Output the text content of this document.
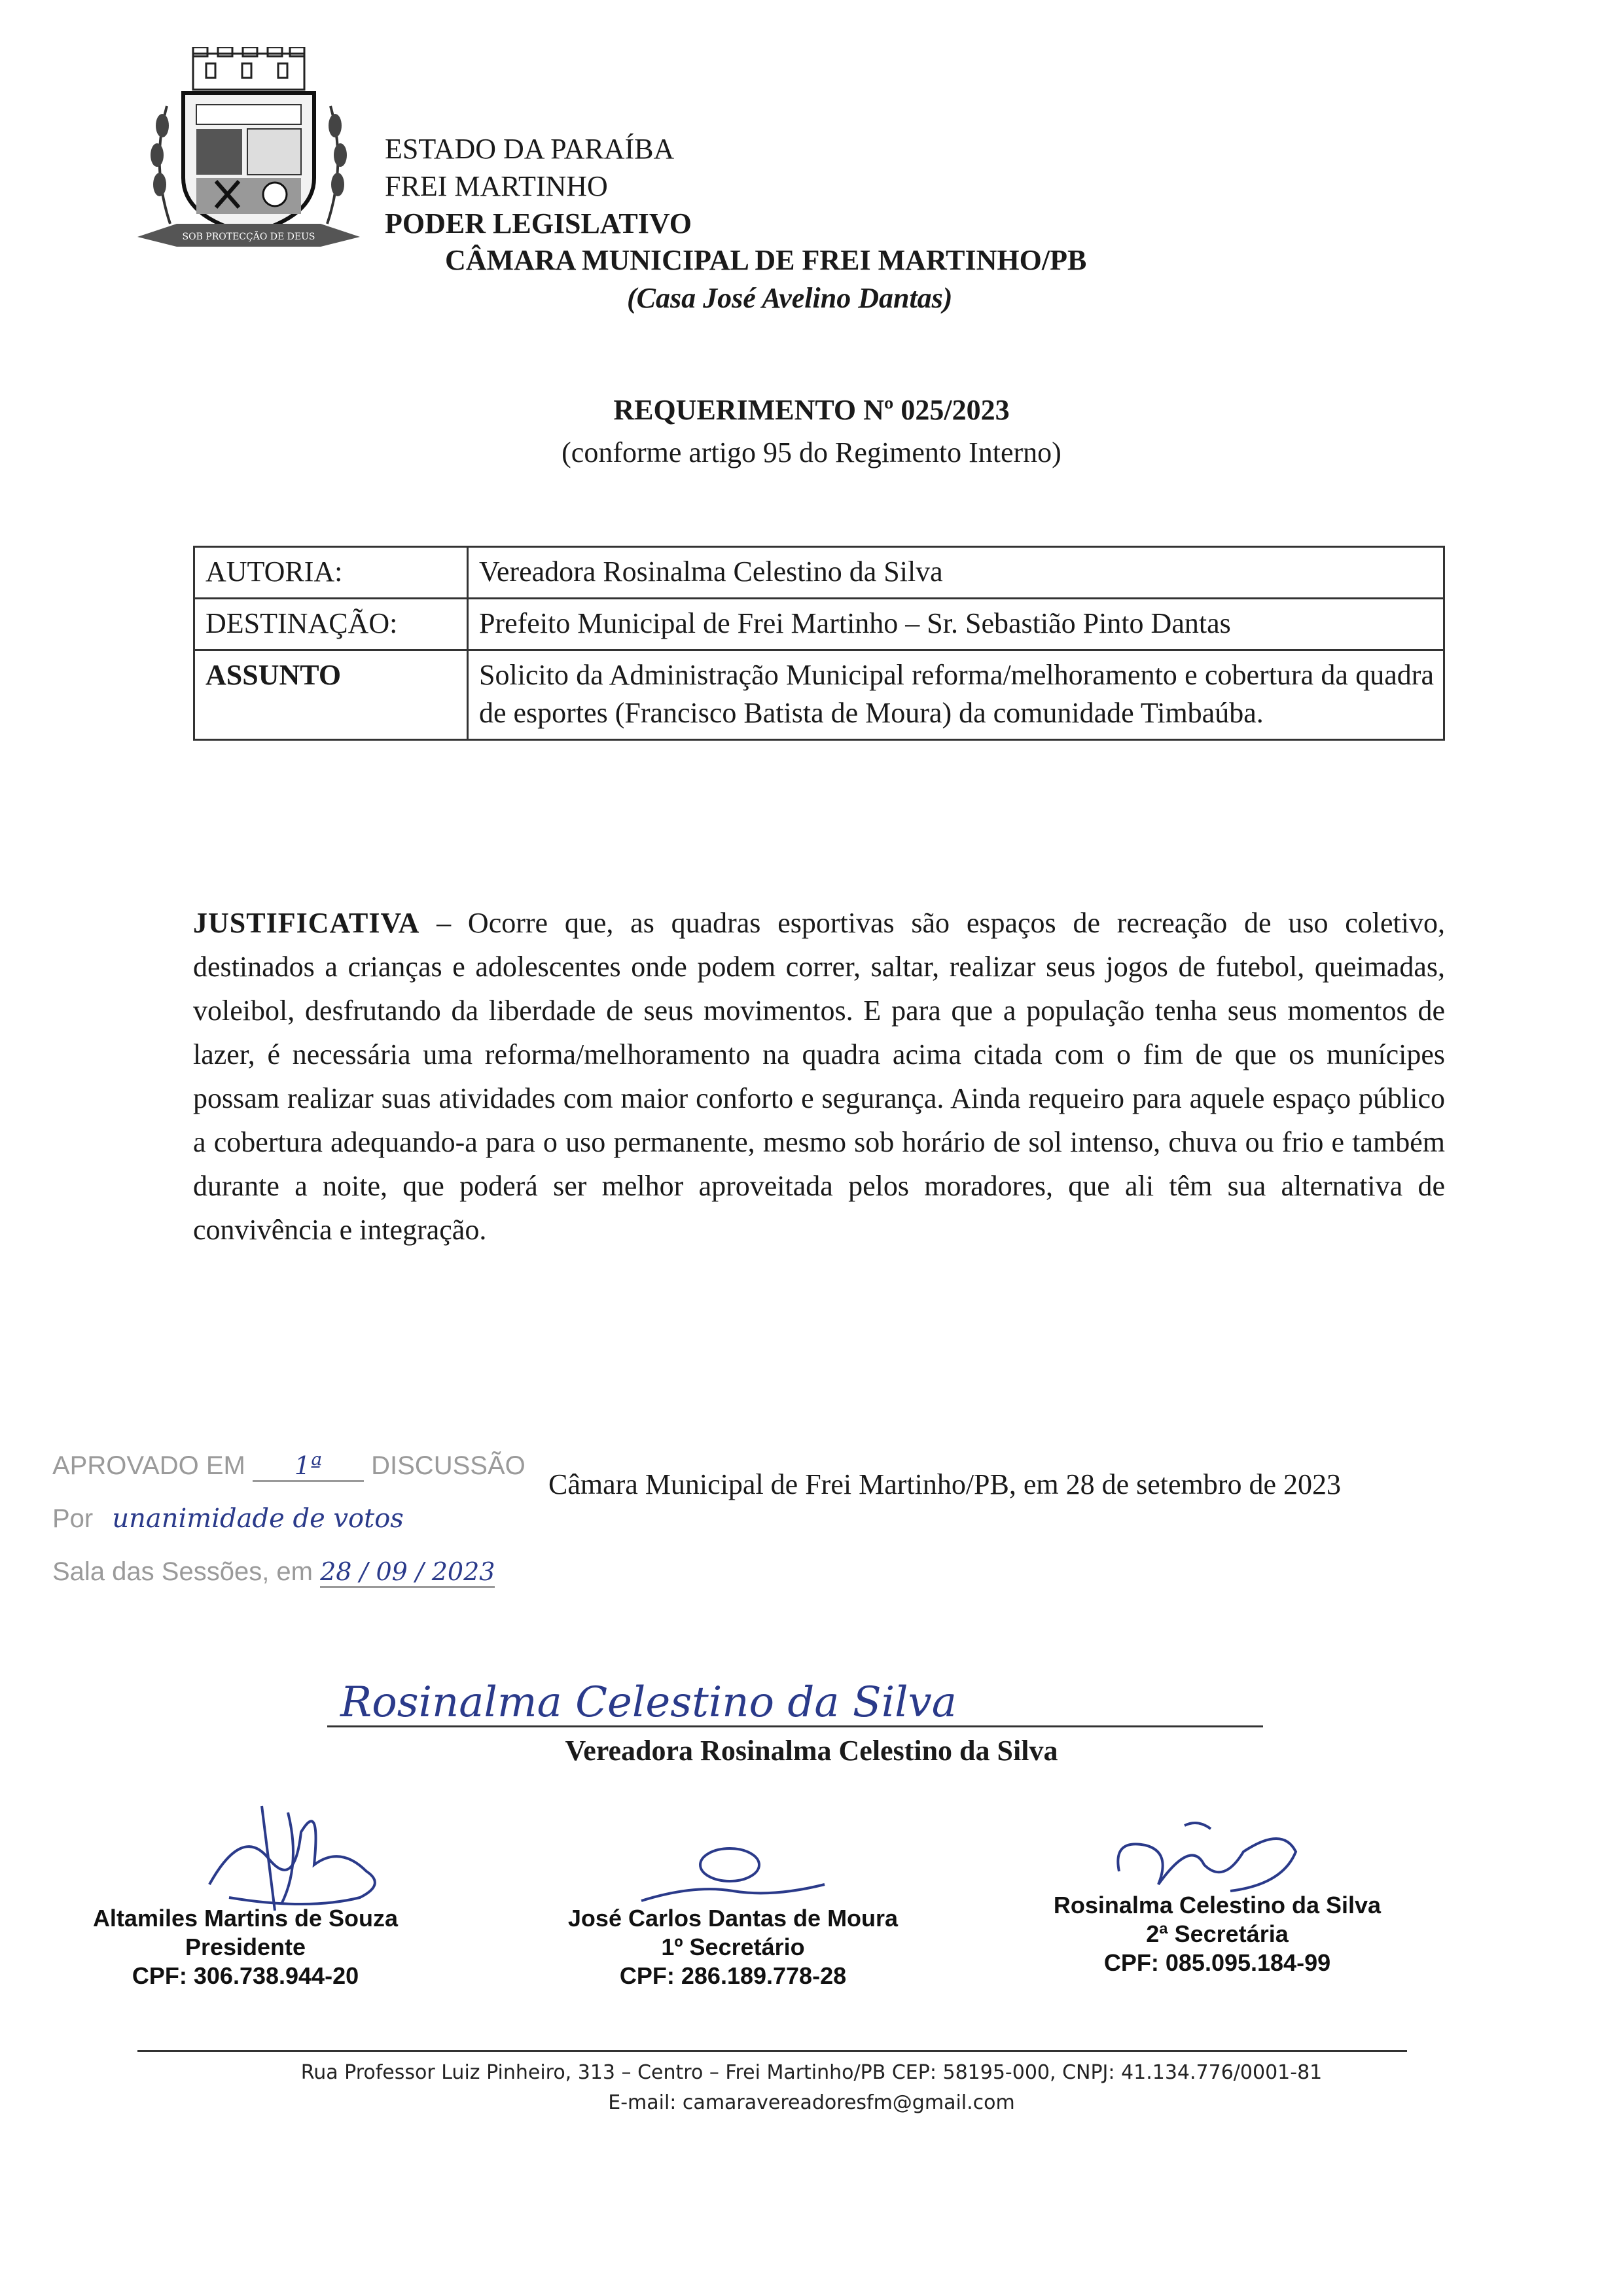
SOB PROTECÇÃO DE DEUS
ESTADO DA PARAÍBA
FREI MARTINHO
PODER LEGISLATIVO
CÂMARA MUNICIPAL DE FREI MARTINHO/PB
(Casa José Avelino Dantas)
REQUERIMENTO Nº 025/2023
(conforme artigo 95 do Regimento Interno)
AUTORIA:	Vereadora Rosinalma Celestino da Silva
DESTINAÇÃO:	Prefeito Municipal de Frei Martinho – Sr. Sebastião Pinto Dantas
ASSUNTO	Solicito da Administração Municipal reforma/melhoramento e cobertura da quadra de esportes (Francisco Batista de Moura) da comunidade Timbaúba.
JUSTIFICATIVA – Ocorre que, as quadras esportivas são espaços de recreação de uso coletivo, destinados a crianças e adolescentes onde podem correr, saltar, realizar seus jogos de futebol, queimadas, voleibol, desfrutando da liberdade de seus movimentos. E para que a população tenha seus momentos de lazer, é necessária uma reforma/melhoramento na quadra acima citada com o fim de que os munícipes possam realizar suas atividades com maior conforto e segurança. Ainda requeiro para aquele espaço público a cobertura adequando-a para o uso permanente, mesmo sob horário de sol intenso, chuva ou frio e também durante a noite, que poderá ser melhor aproveitada pelos moradores, que ali têm sua alternativa de convivência e integração.
APROVADO EM 1ª DISCUSSÃO
Por unanimidade de votos
Sala das Sessões, em 28 / 09 / 2023
Câmara Municipal de Frei Martinho/PB, em 28 de setembro de 2023
Rosinalma Celestino da Silva
Vereadora Rosinalma Celestino da Silva
Altamiles Martins de Souza
Presidente
CPF: 306.738.944-20
José Carlos Dantas de Moura
1º Secretário
CPF: 286.189.778-28
Rosinalma Celestino da Silva
2ª Secretária
CPF: 085.095.184-99
Rua Professor Luiz Pinheiro, 313 – Centro – Frei Martinho/PB CEP: 58195-000, CNPJ: 41.134.776/0001-81
E-mail: camaravereadoresfm@gmail.com
